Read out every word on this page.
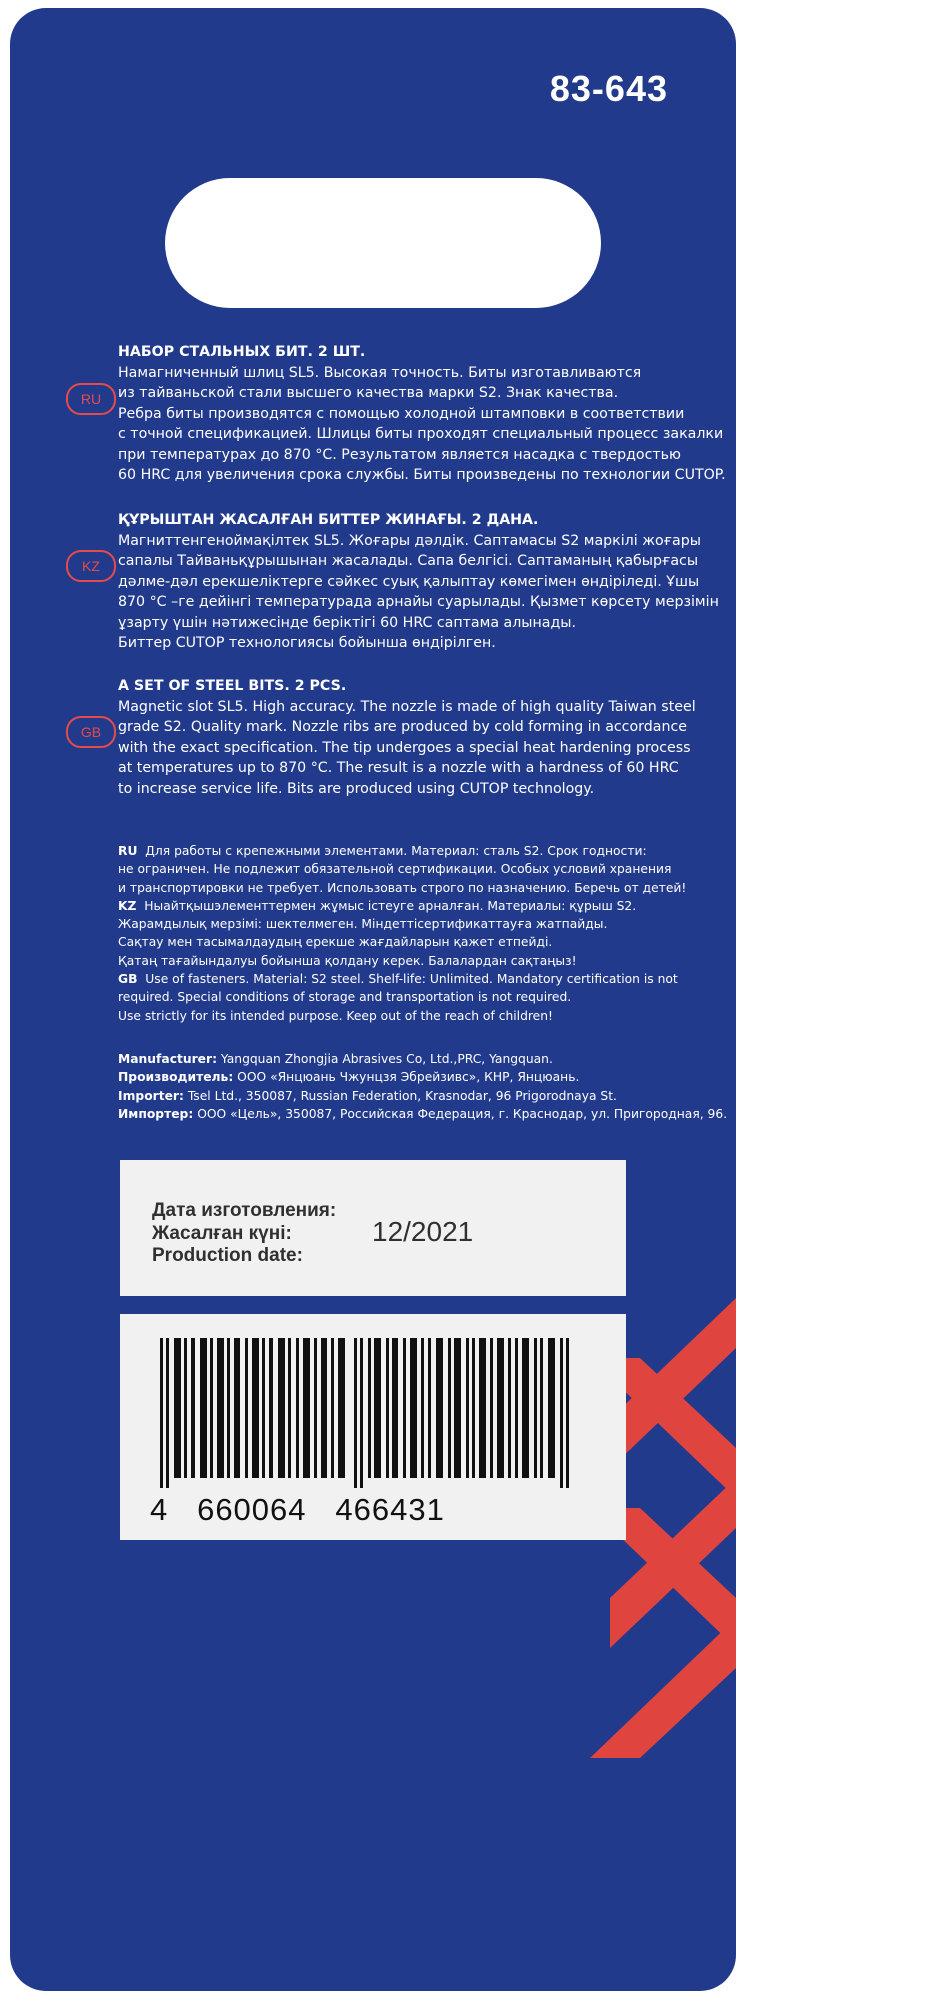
83-643
RU
НАБОР СТАЛЬНЫХ БИТ. 2 ШТ.
Намагниченный шлиц SL5. Высокая точность. Биты изготавливаются
из тайваньской стали высшего качества марки S2. Знак качества.
Ребра биты производятся с помощью холодной штамповки в соответствии
с точной спецификацией. Шлицы биты проходят специальный процесс закалки
при температурах до 870 °С. Результатом является насадка с твердостью
60 HRC для увеличения срока службы. Биты произведены по технологии CUTOP.
KZ
ҚҰРЫШТАН ЖАСАЛҒАН БИТТЕР ЖИНАҒЫ. 2 ДАНА.
Магниттенгеноймақілтек SL5. Жоғары дәлдік. Саптамасы S2 маркілі жоғары
сапалы Тайваньқұрышынан жасалады. Сапа белгісі. Саптаманың қабырғасы
дәлме-дәл ерекшеліктерге сәйкес суық қалыптау көмегімен өндіріледі. Ұшы
870 °С –ге дейінгі температурада арнайы суарылады. Қызмет көрсету мерзімін
ұзарту үшін нәтижесінде беріктігі 60 HRC саптама алынады.
Биттер CUTOP технологиясы бойынша өндірілген.
GB
A SET OF STEEL BITS. 2 PCS.
Magnetic slot SL5. High accuracy. The nozzle is made of high quality Taiwan steel
grade S2. Quality mark. Nozzle ribs are produced by cold forming in accordance
with the exact specification. The tip undergoes a special heat hardening process
at temperatures up to 870 °C. The result is a nozzle with a hardness of 60 HRC
to increase service life. Bits are produced using CUTOP technology.
RU Для работы с крепежными элементами. Материал: сталь S2. Срок годности:
не ограничен. Не подлежит обязательной сертификации. Особых условий хранения
и транспортировки не требует. Использовать строго по назначению. Беречь от детей!
KZ Ныайтқышэлементтермен жұмыс істеуге арналған. Материалы: құрыш S2.
Жарамдылық мерзімі: шектелмеген. Міндеттісертификаттауға жатпайды.
Сақтау мен тасымалдаудың ерекше жағдайларын қажет етпейді.
Қатаң тағайындалуы бойынша қолдану керек. Балалардан сақтаңыз!
GB Use of fasteners. Material: S2 steel. Shelf-life: Unlimited. Mandatory certification is not
required. Special conditions of storage and transportation is not required.
Use strictly for its intended purpose. Keep out of the reach of children!
Manufacturer: Yangquan Zhongjia Abrasives Co, Ltd.,PRC, Yangquan.
Производитель: ООО «Янцюань Чжунцзя Эбрейзивс», КНР, Янцюань.
Importer: Tsel Ltd., 350087, Russian Federation, Krasnodar, 96 Prigorodnaya St.
Импортер: ООО «Цель», 350087, Российская Федерация, г. Краснодар, ул. Пригородная, 96.
Дата изготовления:
Жасалған күні:
Production date:
12/2021
4   660064   466431
